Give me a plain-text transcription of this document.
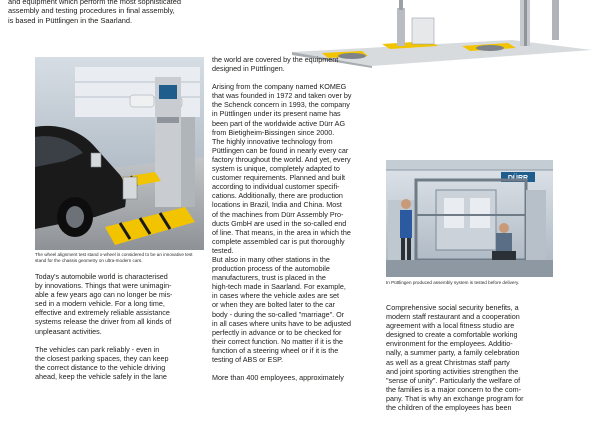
and equipment which perform the most sophisticated

assembly and testing procedures in final assembly,

is based in Püttlingen in the Saarland.

The wheel alignment test stand x-wheel is considered to be an innovative test stand for the chassis geometry on ultra-modern cars.

Today's automobile world is characterised

by innovations. Things that were unimagin-

able a few years ago can no longer be mis-

sed in a modern vehicle. For a long time,

effective and extremely reliable assistance

systems release the driver from all kinds of

unpleasant activities.

The vehicles can park reliably - even in

the closest parking spaces, they can keep

the correct distance to the vehicle driving

ahead, keep the vehicle safely in the lane

the world are covered by the equipment

designed in Püttlingen.

Arising from the company named KOMEG

that was founded in 1972 and taken over by

the Schenck concern in 1993, the company

in Püttlingen under its present name has

been part of the worldwide active Dürr AG

from Bietigheim-Bissingen since 2000.

The highly innovative technology from

Püttlingen can be found in nearly every car

factory throughout the world. And yet, every

system is unique, completely adapted to

customer requirements. Planned and built

according to individual customer specifi-

cations. Additionally, there are production

locations in Brazil, India and China. Most

of the machines from Dürr Assembly Pro-

ducts GmbH are used in the so-called end

of line. That means, in the area in which the

complete assembled car is put thoroughly

tested.

But also in many other stations in the

production process of the automobile

manufacturers, trust is placed in the

high-tech made in Saarland. For example,

in cases where the vehicle axles are set

or when they are bolted later to the car

body - during the so-called "marriage". Or

in all cases where units have to be adjusted

perfectly in advance or to be checked for

their correct function. No matter if it is the

function of a steering wheel or if it is the

testing of ABS or ESP.

More than 400 employees, approximately

DÜRR
In Püttlingen produced assembly system is tested before delivery.

Comprehensive social security benefits, a

modern staff restaurant and a cooperation

agreement with a local fitness studio are

designed to create a comfortable working

environment for the employees. Additio-

nally, a summer party, a family celebration

as well as a great Christmas staff party

and joint sporting activities strengthen the

"sense of unity". Particularly the welfare of

the families is a major concern to the com-

pany. That is why an exchange program for

the children of the employees has been
